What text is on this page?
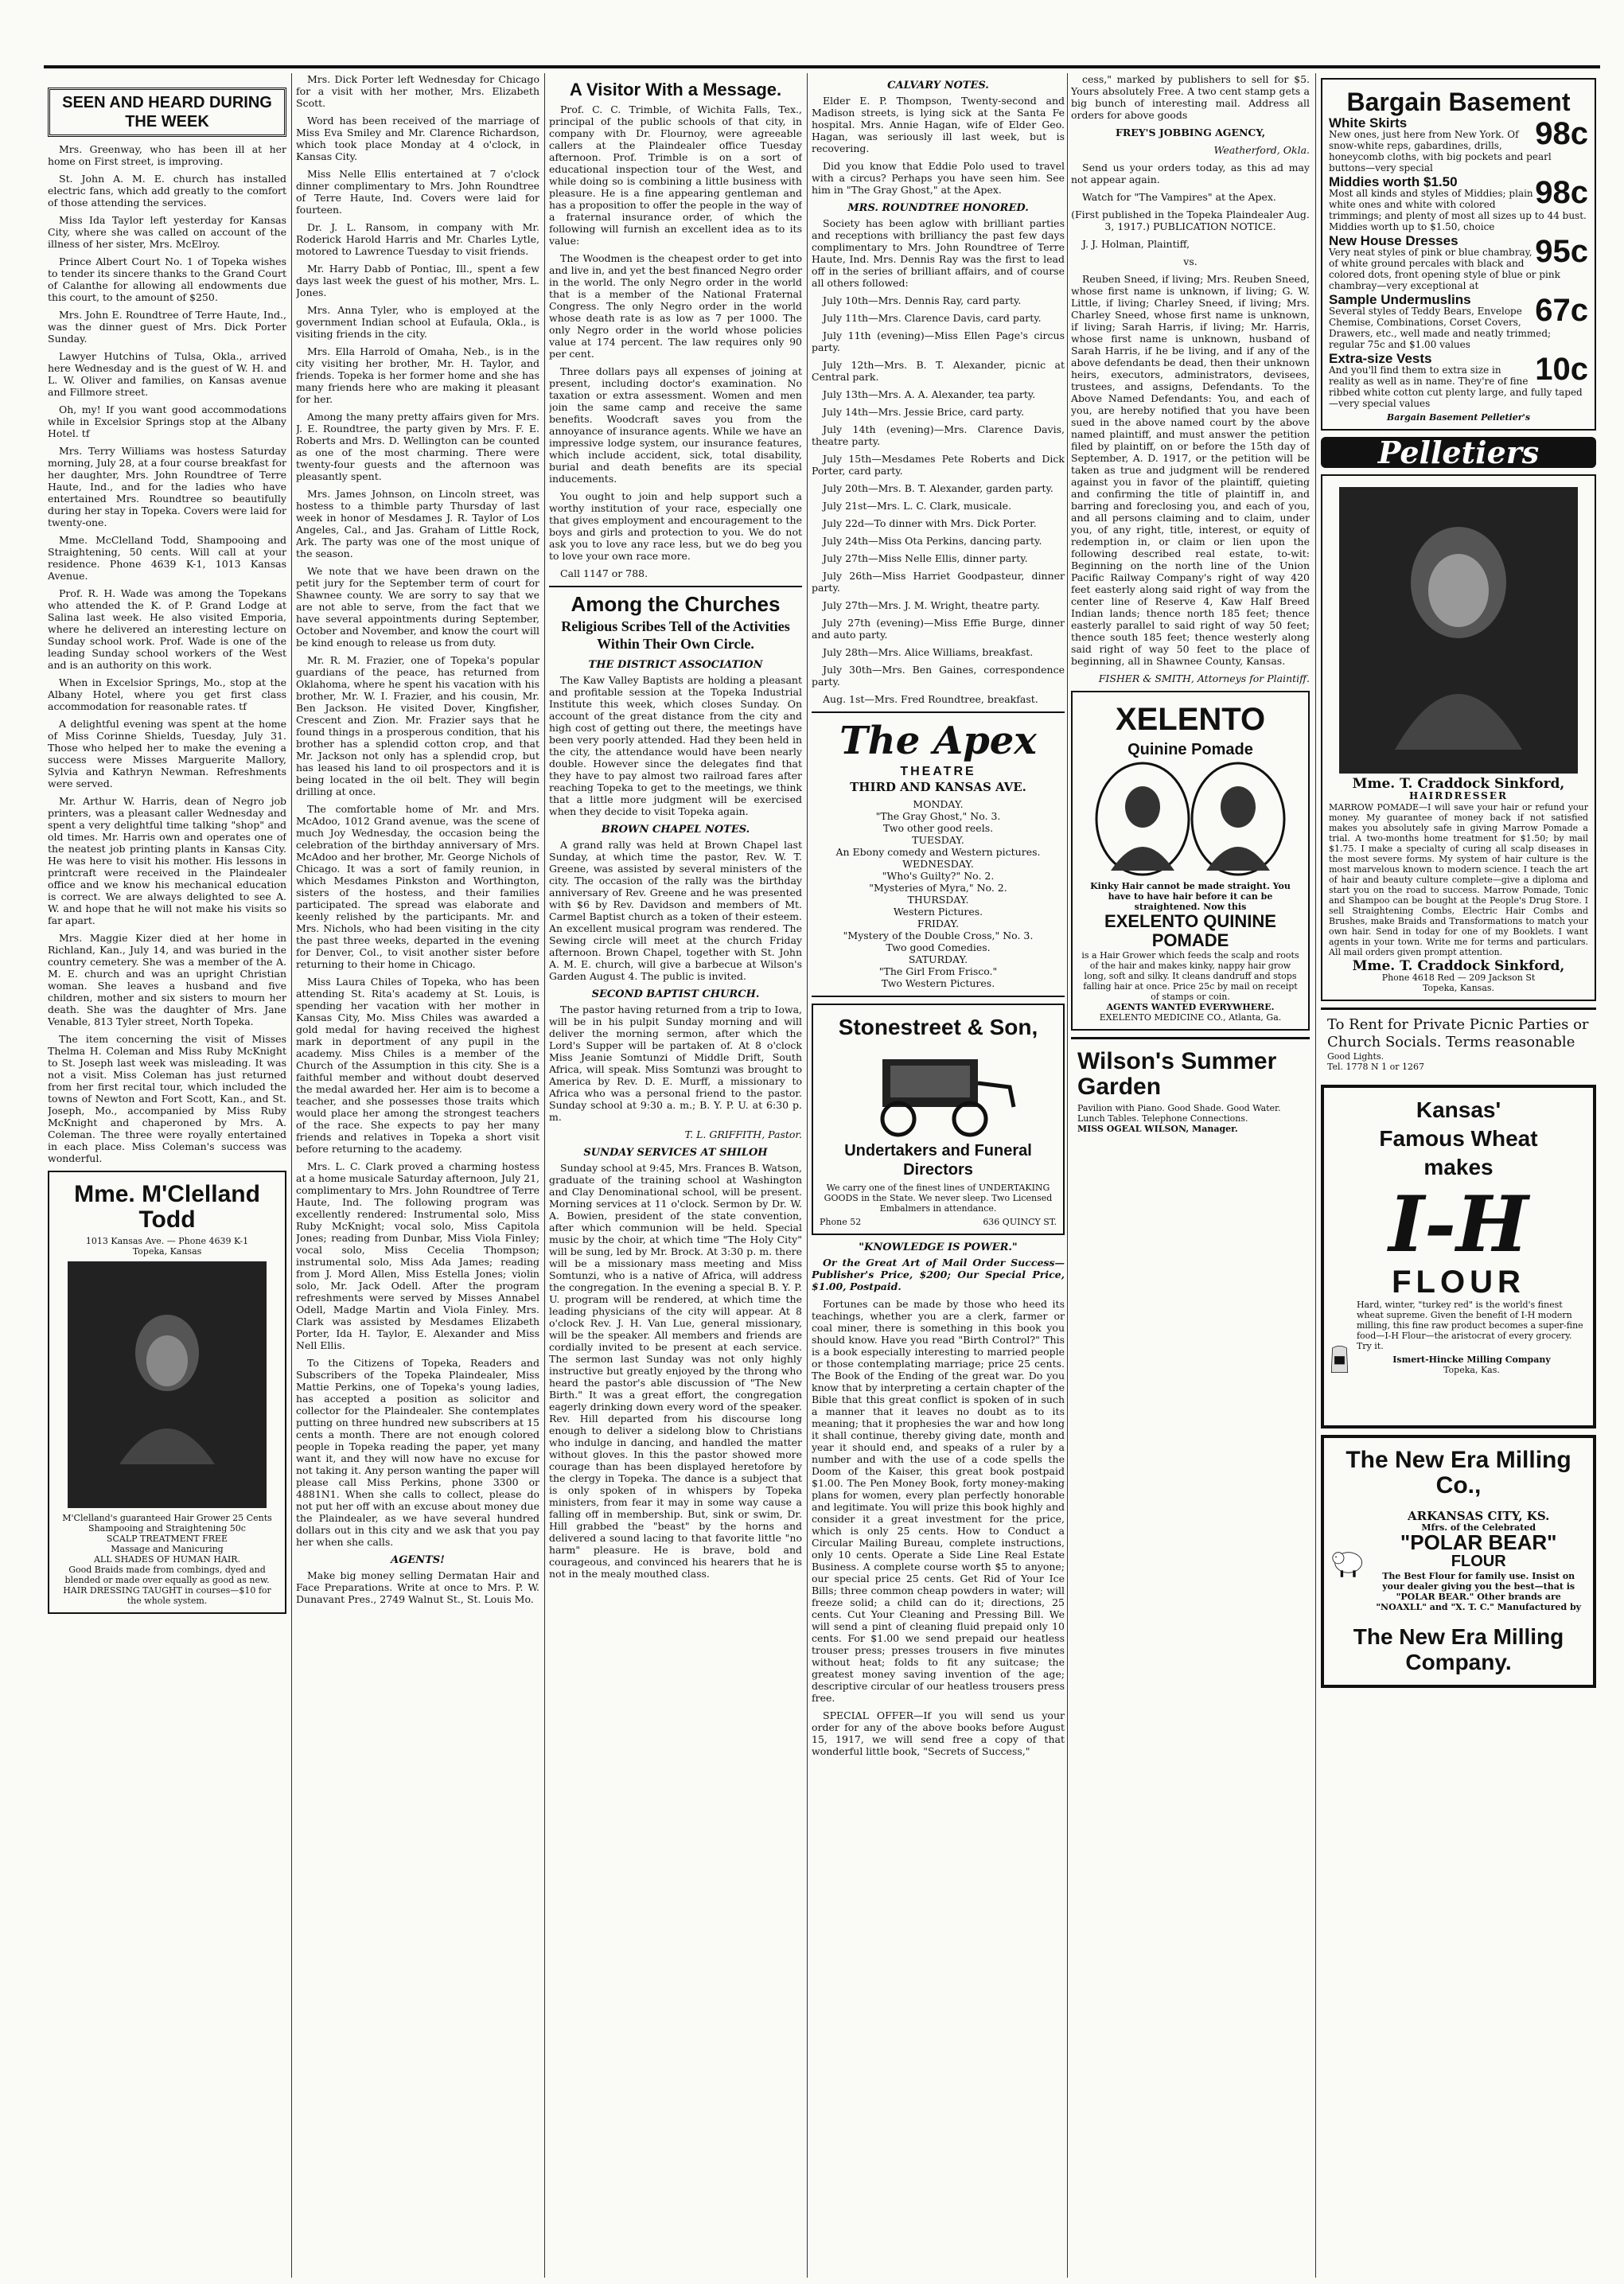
SEEN AND HEARD DURING THE WEEK

Mrs. Greenway, who has been ill at her home on First street, is improving.

St. John A. M. E. church has installed electric fans, which add greatly to the comfort of those attending the services.

Miss Ida Taylor left yesterday for Kansas City, where she was called on account of the illness of her sister, Mrs. McElroy.

Prince Albert Court No. 1 of Topeka wishes to tender its sincere thanks to the Grand Court of Calanthe for allowing all endowments due this court, to the amount of $250.

Mrs. John E. Roundtree of Terre Haute, Ind., was the dinner guest of Mrs. Dick Porter Sunday.

Lawyer Hutchins of Tulsa, Okla., arrived here Wednesday and is the guest of W. H. and L. W. Oliver and families, on Kansas avenue and Fillmore street.

Oh, my! If you want good accommodations while in Excelsior Springs stop at the Albany Hotel. tf

Mrs. Terry Williams was hostess Saturday morning, July 28, at a four course breakfast for her daughter, Mrs. John Roundtree of Terre Haute, Ind., and for the ladies who have entertained Mrs. Roundtree so beautifully during her stay in Topeka. Covers were laid for twenty-one.

Mme. McClelland Todd, Shampooing and Straightening, 50 cents. Will call at your residence. Phone 4639 K-1, 1013 Kansas Avenue.

Prof. R. H. Wade was among the Topekans who attended the K. of P. Grand Lodge at Salina last week. He also visited Emporia, where he delivered an interesting lecture on Sunday school work. Prof. Wade is one of the leading Sunday school workers of the West and is an authority on this work.

When in Excelsior Springs, Mo., stop at the Albany Hotel, where you get first class accommodation for reasonable rates. tf

A delightful evening was spent at the home of Miss Corinne Shields, Tuesday, July 31. Those who helped her to make the evening a success were Misses Marguerite Mallory, Sylvia and Kathryn Newman. Refreshments were served.

Mr. Arthur W. Harris, dean of Negro job printers, was a pleasant caller Wednesday and spent a very delightful time talking "shop" and old times. Mr. Harris own and operates one of the neatest job printing plants in Kansas City. He was here to visit his mother. His lessons in printcraft were received in the Plaindealer office and we know his mechanical education is correct. We are always delighted to see A. W. and hope that he will not make his visits so far apart.

Mrs. Maggie Kizer died at her home in Richland, Kan., July 14, and was buried in the country cemetery. She was a member of the A. M. E. church and was an upright Christian woman. She leaves a husband and five children, mother and six sisters to mourn her death. She was the daughter of Mrs. Jane Venable, 813 Tyler street, North Topeka.

The item concerning the visit of Misses Thelma H. Coleman and Miss Ruby McKnight to St. Joseph last week was misleading. It was not a visit. Miss Coleman has just returned from her first recital tour, which included the towns of Newton and Fort Scott, Kan., and St. Joseph, Mo., accompanied by Miss Ruby McKnight and chaperoned by Mrs. A. Coleman. The three were royally entertained in each place. Miss Coleman's success was wonderful.

Mme. M'Clelland Todd
1013 Kansas Ave. — Phone 4639 K-1
Topeka, Kansas
M'Clelland's guaranteed Hair Grower 25 Cents
Shampooing and Straightening 50c
SCALP TREATMENT FREE
Massage and Manicuring
ALL SHADES OF HUMAN HAIR.
Good Braids made from combings, dyed and blended or made over equally as good as new.
HAIR DRESSING TAUGHT in courses—$10 for the whole system.

Mrs. Dick Porter left Wednesday for Chicago for a visit with her mother, Mrs. Elizabeth Scott.

Word has been received of the marriage of Miss Eva Smiley and Mr. Clarence Richardson, which took place Monday at 4 o'clock, in Kansas City.

Miss Nelle Ellis entertained at 7 o'clock dinner complimentary to Mrs. John Roundtree of Terre Haute, Ind. Covers were laid for fourteen.

Dr. J. L. Ransom, in company with Mr. Roderick Harold Harris and Mr. Charles Lytle, motored to Lawrence Tuesday to visit friends.

Mr. Harry Dabb of Pontiac, Ill., spent a few days last week the guest of his mother, Mrs. L. Jones.

Mrs. Anna Tyler, who is employed at the government Indian school at Eufaula, Okla., is visiting friends in the city.

Mrs. Ella Harrold of Omaha, Neb., is in the city visiting her brother, Mr. H. Taylor, and friends. Topeka is her former home and she has many friends here who are making it pleasant for her.

Among the many pretty affairs given for Mrs. J. E. Roundtree, the party given by Mrs. F. E. Roberts and Mrs. D. Wellington can be counted as one of the most charming. There were twenty-four guests and the afternoon was pleasantly spent.

Mrs. James Johnson, on Lincoln street, was hostess to a thimble party Thursday of last week in honor of Mesdames J. R. Taylor of Los Angeles, Cal., and Jas. Graham of Little Rock, Ark. The party was one of the most unique of the season.

We note that we have been drawn on the petit jury for the September term of court for Shawnee county. We are sorry to say that we are not able to serve, from the fact that we have several appointments during September, October and November, and know the court will be kind enough to release us from duty.

Mr. R. M. Frazier, one of Topeka's popular guardians of the peace, has returned from Oklahoma, where he spent his vacation with his brother, Mr. W. I. Frazier, and his cousin, Mr. Ben Jackson. He visited Dover, Kingfisher, Crescent and Zion. Mr. Frazier says that he found things in a prosperous condition, that his brother has a splendid cotton crop, and that Mr. Jackson not only has a splendid crop, but has leased his land to oil prospectors and it is being located in the oil belt. They will begin drilling at once.

The comfortable home of Mr. and Mrs. McAdoo, 1012 Grand avenue, was the scene of much Joy Wednesday, the occasion being the celebration of the birthday anniversary of Mrs. McAdoo and her brother, Mr. George Nichols of Chicago. It was a sort of family reunion, in which Mesdames Pinkston and Worthington, sisters of the hostess, and their families participated. The spread was elaborate and keenly relished by the participants. Mr. and Mrs. Nichols, who had been visiting in the city the past three weeks, departed in the evening for Denver, Col., to visit another sister before returning to their home in Chicago.

Miss Laura Chiles of Topeka, who has been attending St. Rita's academy at St. Louis, is spending her vacation with her mother in Kansas City, Mo. Miss Chiles was awarded a gold medal for having received the highest mark in deportment of any pupil in the academy. Miss Chiles is a member of the Church of the Assumption in this city. She is a faithful member and without doubt deserved the medal awarded her. Her aim is to become a teacher, and she possesses those traits which would place her among the strongest teachers of the race. She expects to pay her many friends and relatives in Topeka a short visit before returning to the academy.

Mrs. L. C. Clark proved a charming hostess at a home musicale Saturday afternoon, July 21, complimentary to Mrs. John Roundtree of Terre Haute, Ind. The following program was excellently rendered: Instrumental solo, Miss Ruby McKnight; vocal solo, Miss Capitola Jones; reading from Dunbar, Miss Viola Finley; vocal solo, Miss Cecelia Thompson; instrumental solo, Miss Ada James; reading from J. Mord Allen, Miss Estella Jones; violin solo, Mr. Jack Odell. After the program refreshments were served by Misses Annabel Odell, Madge Martin and Viola Finley. Mrs. Clark was assisted by Mesdames Elizabeth Porter, Ida H. Taylor, E. Alexander and Miss Nell Ellis.

To the Citizens of Topeka, Readers and Subscribers of the Topeka Plaindealer, Miss Mattie Perkins, one of Topeka's young ladies, has accepted a position as solicitor and collector for the Plaindealer. She contemplates putting on three hundred new subscribers at 15 cents a month. There are not enough colored people in Topeka reading the paper, yet many want it, and they will now have no excuse for not taking it. Any person wanting the paper will please call Miss Perkins, phone 3300 or 4881N1. When she calls to collect, please do not put her off with an excuse about money due the Plaindealer, as we have several hundred dollars out in this city and we ask that you pay her when she calls.

AGENTS!

Make big money selling Dermatan Hair and Face Preparations. Write at once to Mrs. P. W. Dunavant Pres., 2749 Walnut St., St. Louis Mo.

A Visitor With a Message.

Prof. C. C. Trimble, of Wichita Falls, Tex., principal of the public schools of that city, in company with Dr. Flournoy, were agreeable callers at the Plaindealer office Tuesday afternoon. Prof. Trimble is on a sort of educational inspection tour of the West, and while doing so is combining a little business with pleasure. He is a fine appearing gentleman and has a proposition to offer the people in the way of a fraternal insurance order, of which the following will furnish an excellent idea as to its value:

The Woodmen is the cheapest order to get into and live in, and yet the best financed Negro order in the world. The only Negro order in the world that is a member of the National Fraternal Congress. The only Negro order in the world whose death rate is as low as 7 per 1000. The only Negro order in the world whose policies value at 174 percent. The law requires only 90 per cent.

Three dollars pays all expenses of joining at present, including doctor's examination. No taxation or extra assessment. Women and men join the same camp and receive the same benefits. Woodcraft saves you from the annoyance of insurance agents. While we have an impressive lodge system, our insurance features, which include accident, sick, total disability, burial and death benefits are its special inducements.

You ought to join and help support such a worthy institution of your race, especially one that gives employment and encouragement to the boys and girls and protection to you. We do not ask you to love any race less, but we do beg you to love your own race more.

Call 1147 or 788.

Among the Churches
Religious Scribes Tell of the Activities Within Their Own Circle.
THE DISTRICT ASSOCIATION

The Kaw Valley Baptists are holding a pleasant and profitable session at the Topeka Industrial Institute this week, which closes Sunday. On account of the great distance from the city and high cost of getting out there, the meetings have been very poorly attended. Had they been held in the city, the attendance would have been nearly double. However since the delegates find that they have to pay almost two railroad fares after reaching Topeka to get to the meetings, we think that a little more judgment will be exercised when they decide to visit Topeka again.

BROWN CHAPEL NOTES.

A grand rally was held at Brown Chapel last Sunday, at which time the pastor, Rev. W. T. Greene, was assisted by several ministers of the city. The occasion of the rally was the birthday anniversary of Rev. Greene and he was presented with $6 by Rev. Davidson and members of Mt. Carmel Baptist church as a token of their esteem. An excellent musical program was rendered. The Sewing circle will meet at the church Friday afternoon. Brown Chapel, together with St. John A. M. E. church, will give a barbecue at Wilson's Garden August 4. The public is invited.

SECOND BAPTIST CHURCH.

The pastor having returned from a trip to Iowa, will be in his pulpit Sunday morning and will deliver the morning sermon, after which the Lord's Supper will be partaken of. At 8 o'clock Miss Jeanie Somtunzi of Middle Drift, South Africa, will speak. Miss Somtunzi was brought to America by Rev. D. E. Murff, a missionary to Africa who was a personal friend to the pastor. Sunday school at 9:30 a. m.; B. Y. P. U. at 6:30 p. m.

T. L. GRIFFITH, Pastor.

SUNDAY SERVICES AT SHILOH

Sunday school at 9:45, Mrs. Frances B. Watson, graduate of the training school at Washington and Clay Denominational school, will be present. Morning services at 11 o'clock. Sermon by Dr. W. A. Bowien, president of the state convention, after which communion will be held. Special music by the choir, at which time "The Holy City" will be sung, led by Mr. Brock. At 3:30 p. m. there will be a missionary mass meeting and Miss Somtunzi, who is a native of Africa, will address the congregation. In the evening a special B. Y. P. U. program will be rendered, at which time the leading physicians of the city will appear. At 8 o'clock Rev. J. H. Van Lue, general missionary, will be the speaker. All members and friends are cordially invited to be present at each service. The sermon last Sunday was not only highly instructive but greatly enjoyed by the throng who heard the pastor's able discussion of "The New Birth." It was a great effort, the congregation eagerly drinking down every word of the speaker. Rev. Hill departed from his discourse long enough to deliver a sidelong blow to Christians who indulge in dancing, and handled the matter without gloves. In this the pastor showed more courage than has been displayed heretofore by the clergy in Topeka. The dance is a subject that is only spoken of in whispers by Topeka ministers, from fear it may in some way cause a falling off in membership. But, sink or swim, Dr. Hill grabbed the "beast" by the horns and delivered a sound lacing to that favorite little "no harm" pleasure. He is brave, bold and courageous, and convinced his hearers that he is not in the mealy mouthed class.

CALVARY NOTES.

Elder E. P. Thompson, Twenty-second and Madison streets, is lying sick at the Santa Fe hospital. Mrs. Annie Hagan, wife of Elder Geo. Hagan, was seriously ill last week, but is recovering.

Did you know that Eddie Polo used to travel with a circus? Perhaps you have seen him. See him in "The Gray Ghost," at the Apex.

MRS. ROUNDTREE HONORED.

Society has been aglow with brilliant parties and receptions with brilliancy the past few days complimentary to Mrs. John Roundtree of Terre Haute, Ind. Mrs. Dennis Ray was the first to lead off in the series of brilliant affairs, and of course all others followed:

July 10th—Mrs. Dennis Ray, card party.

July 11th—Mrs. Clarence Davis, card party.

July 11th (evening)—Miss Ellen Page's circus party.

July 12th—Mrs. B. T. Alexander, picnic at Central park.

July 13th—Mrs. A. A. Alexander, tea party.

July 14th—Mrs. Jessie Brice, card party.

July 14th (evening)—Mrs. Clarence Davis, theatre party.

July 15th—Mesdames Pete Roberts and Dick Porter, card party.

July 20th—Mrs. B. T. Alexander, garden party.

July 21st—Mrs. L. C. Clark, musicale.

July 22d—To dinner with Mrs. Dick Porter.

July 24th—Miss Ota Perkins, dancing party.

July 27th—Miss Nelle Ellis, dinner party.

July 26th—Miss Harriet Goodpasteur, dinner party.

July 27th—Mrs. J. M. Wright, theatre party.

July 27th (evening)—Miss Effie Burge, dinner and auto party.

July 28th—Mrs. Alice Williams, breakfast.

July 30th—Mrs. Ben Gaines, correspondence party.

Aug. 1st—Mrs. Fred Roundtree, breakfast.

The Apex
THEATRE
THIRD AND KANSAS AVE.
MONDAY.
"The Gray Ghost," No. 3.
Two other good reels.
TUESDAY.
An Ebony comedy and Western pictures.
WEDNESDAY.
"Who's Guilty?" No. 2.
"Mysteries of Myra," No. 2.
THURSDAY.
Western Pictures.
FRIDAY.
"Mystery of the Double Cross," No. 3.
Two good Comedies.
SATURDAY.
"The Girl From Frisco."
Two Western Pictures.
Stonestreet & Son,
Undertakers and Funeral Directors
We carry one of the finest lines of UNDERTAKING GOODS in the State. We never sleep. Two Licensed Embalmers in attendance.
Phone 52	636 QUINCY ST.
"KNOWLEDGE IS POWER."

Or the Great Art of Mail Order Success—Publisher's Price, $200; Our Special Price, $1.00, Postpaid.

Fortunes can be made by those who heed its teachings, whether you are a clerk, farmer or coal miner, there is something in this book you should know. Have you read "Birth Control?" This is a book especially interesting to married people or those contemplating marriage; price 25 cents. The Book of the Ending of the great war. Do you know that by interpreting a certain chapter of the Bible that this great conflict is spoken of in such a manner that it leaves no doubt as to its meaning; that it prophesies the war and how long it shall continue, thereby giving date, month and year it should end, and speaks of a ruler by a number and with the use of a code spells the Doom of the Kaiser, this great book postpaid $1.00. The Pen Money Book, forty money-making plans for women, every plan perfectly honorable and legitimate. You will prize this book highly and consider it a great investment for the price, which is only 25 cents. How to Conduct a Circular Mailing Bureau, complete instructions, only 10 cents. Operate a Side Line Real Estate Business. A complete course worth $5 to anyone; our special price 25 cents. Get Rid of Your Ice Bills; three common cheap powders in water; will freeze solid; a child can do it; directions, 25 cents. Cut Your Cleaning and Pressing Bill. We will send a pint of cleaning fluid prepaid only 10 cents. For $1.00 we send prepaid our heatless trouser press; presses trousers in five minutes without heat; folds to fit any suitcase; the greatest money saving invention of the age; descriptive circular of our heatless trousers press free.

SPECIAL OFFER—If you will send us your order for any of the above books before August 15, 1917, we will send free a copy of that wonderful little book, "Secrets of Success,"

cess," marked by publishers to sell for $5. Yours absolutely Free. A two cent stamp gets a big bunch of interesting mail. Address all orders for above goods

FREY'S JOBBING AGENCY,

Weatherford, Okla.

Send us your orders today, as this ad may not appear again.

Watch for "The Vampires" at the Apex.

(First published in the Topeka Plaindealer Aug. 3, 1917.) PUBLICATION NOTICE.

J. J. Holman, Plaintiff,

vs.

Reuben Sneed, if living; Mrs. Reuben Sneed, whose first name is unknown, if living; G. W. Little, if living; Charley Sneed, if living; Mrs. Charley Sneed, whose first name is unknown, if living; Sarah Harris, if living; Mr. Harris, whose first name is unknown, husband of Sarah Harris, if he be living, and if any of the above defendants be dead, then their unknown heirs, executors, administrators, devisees, trustees, and assigns, Defendants. To the Above Named Defendants: You, and each of you, are hereby notified that you have been sued in the above named court by the above named plaintiff, and must answer the petition filed by plaintiff, on or before the 15th day of September, A. D. 1917, or the petition will be taken as true and judgment will be rendered against you in favor of the plaintiff, quieting and confirming the title of plaintiff in, and barring and foreclosing you, and each of you, and all persons claiming and to claim, under you, of any right, title, interest, or equity of redemption in, or claim or lien upon the following described real estate, to-wit: Beginning on the north line of the Union Pacific Railway Company's right of way 420 feet easterly along said right of way from the center line of Reserve 4, Kaw Half Breed Indian lands; thence north 185 feet; thence easterly parallel to said right of way 50 feet; thence south 185 feet; thence westerly along said right of way 50 feet to the place of beginning, all in Shawnee County, Kansas.

FISHER & SMITH, Attorneys for Plaintiff.

XELENTO
Quinine Pomade
Kinky Hair cannot be made straight. You have to have hair before it can be straightened. Now this
EXELENTO QUININE POMADE
is a Hair Grower which feeds the scalp and roots of the hair and makes kinky, nappy hair grow long, soft and silky. It cleans dandruff and stops falling hair at once. Price 25c by mail on receipt of stamps or coin.
AGENTS WANTED EVERYWHERE.
EXELENTO MEDICINE CO., Atlanta, Ga.
Wilson's Summer Garden
Pavilion with Piano. Good Shade. Good Water. Lunch Tables. Telephone Connections.
MISS OGEAL WILSON, Manager.
Bargain Basement
98c
White Skirts
New ones, just here from New York. Of snow-white reps, gabardines, drills, honeycomb cloths, with big pockets and pearl buttons—very special
98c
Middies worth $1.50
Most all kinds and styles of Middies; plain white ones and white with colored trimmings; and plenty of most all sizes up to 44 bust. Middies worth up to $1.50, choice
95c
New House Dresses
Very neat styles of pink or blue chambray, of white ground percales with black and colored dots, front opening style of blue or pink chambray—very exceptional at
67c
Sample Undermuslins
Several styles of Teddy Bears, Envelope Chemise, Combinations, Corset Covers, Drawers, etc., well made and neatly trimmed; regular 75c and $1.00 values
10c
Extra-size Vests
And you'll find them to extra size in reality as well as in name. They're of fine ribbed white cotton cut plenty large, and fully taped—very special values
Bargain Basement Pelletier's
Pelletiers
Mme. T. Craddock Sinkford,
HAIRDRESSER
MARROW POMADE—I will save your hair or refund your money. My guarantee of money back if not satisfied makes you absolutely safe in giving Marrow Pomade a trial. A two-months home treatment for $1.50; by mail $1.75. I make a specialty of curing all scalp diseases in the most severe forms. My system of hair culture is the most marvelous known to modern science. I teach the art of hair and beauty culture complete—give a diploma and start you on the road to success. Marrow Pomade, Tonic and Shampoo can be bought at the People's Drug Store. I sell Straightening Combs, Electric Hair Combs and Brushes, make Braids and Transformations to match your own hair. Send in today for one of my Booklets. I want agents in your town. Write me for terms and particulars. All mail orders given prompt attention.
Mme. T. Craddock Sinkford,
Phone 4618 Red — 209 Jackson St
Topeka, Kansas.
To Rent for Private Picnic Parties or Church Socials. Terms reasonable
Good Lights.
Tel. 1778 N 1 or 1267
Kansas'
Famous Wheat
makes
I-H
FLOUR
Hard, winter, "turkey red" is the world's finest wheat supreme. Given the benefit of I-H modern milling, this fine raw product becomes a super-fine food—I-H Flour—the aristocrat of every grocery. Try it.
Ismert-Hincke Milling Company
Topeka, Kas.
The New Era Milling Co.,
ARKANSAS CITY, KS.
Mfrs. of the Celebrated
"POLAR BEAR"
FLOUR
The Best Flour for family use. Insist on your dealer giving you the best—that is "POLAR BEAR." Other brands are "NOAXLL" and "X. T. C." Manufactured by
The New Era Milling Company.
